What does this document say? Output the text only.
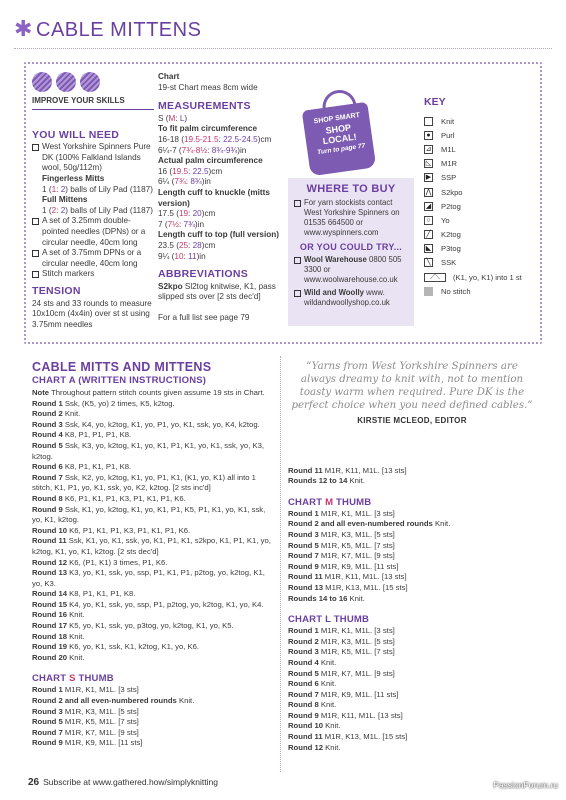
✱ CABLE MITTENS
IMPROVE YOUR SKILLS
YOU WILL NEED
West Yorkshire Spinners Pure DK (100% Falkland Islands wool, 50g/112m)
Fingerless Mitts
1 (1: 2) balls of Lily Pad (1187)
Full Mittens
1 (2: 2) balls of Lily Pad (1187)
A set of 3.25mm double-pointed needles (DPNs) or a circular needle, 40cm long
A set of 3.75mm DPNs or a circular needle, 40cm long
Stitch markers
TENSION
24 sts and 33 rounds to measure 10x10cm (4x4in) over st st using 3.75mm needles
Chart
19-st Chart meas 8cm wide
MEASUREMENTS
S (M: L)
To fit palm circumference
16-18 (19.5-21.5: 22.5-24.5)cm
6¼-7 (7¾-8½: 8¾-9¾)in
Actual palm circumference
16 (19.5: 22.5)cm
6¼ (7¾: 8¾)in
Length cuff to knuckle (mitts version)
17.5 (19: 20)cm
7 (7½: 7¾)in
Length cuff to top (full version)
23.5 (25: 28)cm
9¼ (10: 11)in
ABBREVIATIONS
S2kpo Sl2tog knitwise, K1, pass slipped sts over [2 sts dec'd]
For a full list see page 79
SHOP SMART
SHOP LOCAL!
Turn to page 77
WHERE TO BUY
For yarn stockists contact West Yorkshire Spinners on 01535 664500 or www.wyspinners.com
OR YOU COULD TRY...
Wool Warehouse 0800 505 3300 or www.woolwarehouse.co.uk
Wild and Woolly www. wildandwoollyshop.co.uk
KEY
Knit
●	Purl
⊿ M1L
◺ M1R
▶ SSP
⋀ S2kpo
◢ P2tog
○	Yo
╱	K2tog
◣ P3tog
╲	SSK
⟋⟍	(K1, yo, K1) into 1 st
No stitch
CABLE MITTS AND MITTENS
CHART A (WRITTEN INSTRUCTIONS)
Note Throughout pattern stitch counts given assume 19 sts in Chart.
Round 1 Ssk, (K5, yo) 2 times, K5, k2tog.
Round 2 Knit.
Round 3 Ssk, K4, yo, k2tog, K1, yo, P1, yo, K1, ssk, yo, K4, k2tog.
Round 4 K8, P1, P1, P1, K8.
Round 5 Ssk, K3, yo, k2tog, K1, yo, K1, P1, K1, yo, K1, ssk, yo, K3, k2tog.
Round 6 K8, P1, K1, P1, K8.
Round 7 Ssk, K2, yo, k2tog, K1, yo, P1, K1, (K1, yo, K1) all into 1 stitch, K1, P1, yo, K1, ssk, yo, K2, k2tog. [2 sts inc'd]
Round 8 K6, P1, K1, P1, K3, P1, K1, P1, K6.
Round 9 Ssk, K1, yo, k2tog, K1, yo, K1, P1, K5, P1, K1, yo, K1, ssk, yo, K1, k2tog.
Round 10 K6, P1, K1, P1, K3, P1, K1, P1, K6.
Round 11 Ssk, K1, yo, K1, ssk, yo, K1, P1, K1, s2kpo, K1, P1, K1, yo, k2tog, K1, yo, K1, k2tog. [2 sts dec'd]
Round 12 K6, (P1, K1) 3 times, P1, K6.
Round 13 K3, yo, K1, ssk, yo, ssp, P1, K1, P1, p2tog, yo, k2tog, K1, yo, K3.
Round 14 K8, P1, K1, P1, K8.
Round 15 K4, yo, K1, ssk, yo, ssp, P1, p2tog, yo, k2tog, K1, yo, K4.
Round 16 Knit.
Round 17 K5, yo, K1, ssk, yo, p3tog, yo, k2tog, K1, yo, K5.
Round 18 Knit.
Round 19 K6, yo, K1, ssk, K1, k2tog, K1, yo, K6.
Round 20 Knit.
CHART S THUMB
Round 1 M1R, K1, M1L. [3 sts]
Round 2 and all even-numbered rounds Knit.
Round 3 M1R, K3, M1L. [5 sts]
Round 5 M1R, K5, M1L. [7 sts]
Round 7 M1R, K7, M1L. [9 sts]
Round 9 M1R, K9, M1L. [11 sts]
“Yarns from West Yorkshire Spinners are always dreamy to knit with, not to mention toasty warm when required. Pure DK is the perfect choice when you need defined cables.”
KIRSTIE MCLEOD, EDITOR
Round 11 M1R, K11, M1L. [13 sts]
Rounds 12 to 14 Knit.
CHART M THUMB
Round 1 M1R, K1, M1L. [3 sts]
Round 2 and all even-numbered rounds Knit.
Round 3 M1R, K3, M1L. [5 sts]
Round 5 M1R, K5, M1L. [7 sts]
Round 7 M1R, K7, M1L. [9 sts]
Round 9 M1R, K9, M1L. [11 sts]
Round 11 M1R, K11, M1L. [13 sts]
Round 13 M1R, K13, M1L. [15 sts]
Rounds 14 to 16 Knit.
CHART L THUMB
Round 1 M1R, K1, M1L. [3 sts]
Round 2 M1R, K3, M1L. [5 sts]
Round 3 M1R, K5, M1L. [7 sts]
Round 4 Knit.
Round 5 M1R, K7, M1L. [9 sts]
Round 6 Knit.
Round 7 M1R, K9, M1L. [11 sts]
Round 8 Knit.
Round 9 M1R, K11, M1L. [13 sts]
Round 10 Knit.
Round 11 M1R, K13, M1L. [15 sts]
Round 12 Knit.
26 Subscribe at www.gathered.how/simplyknitting	PassionForum.ru
